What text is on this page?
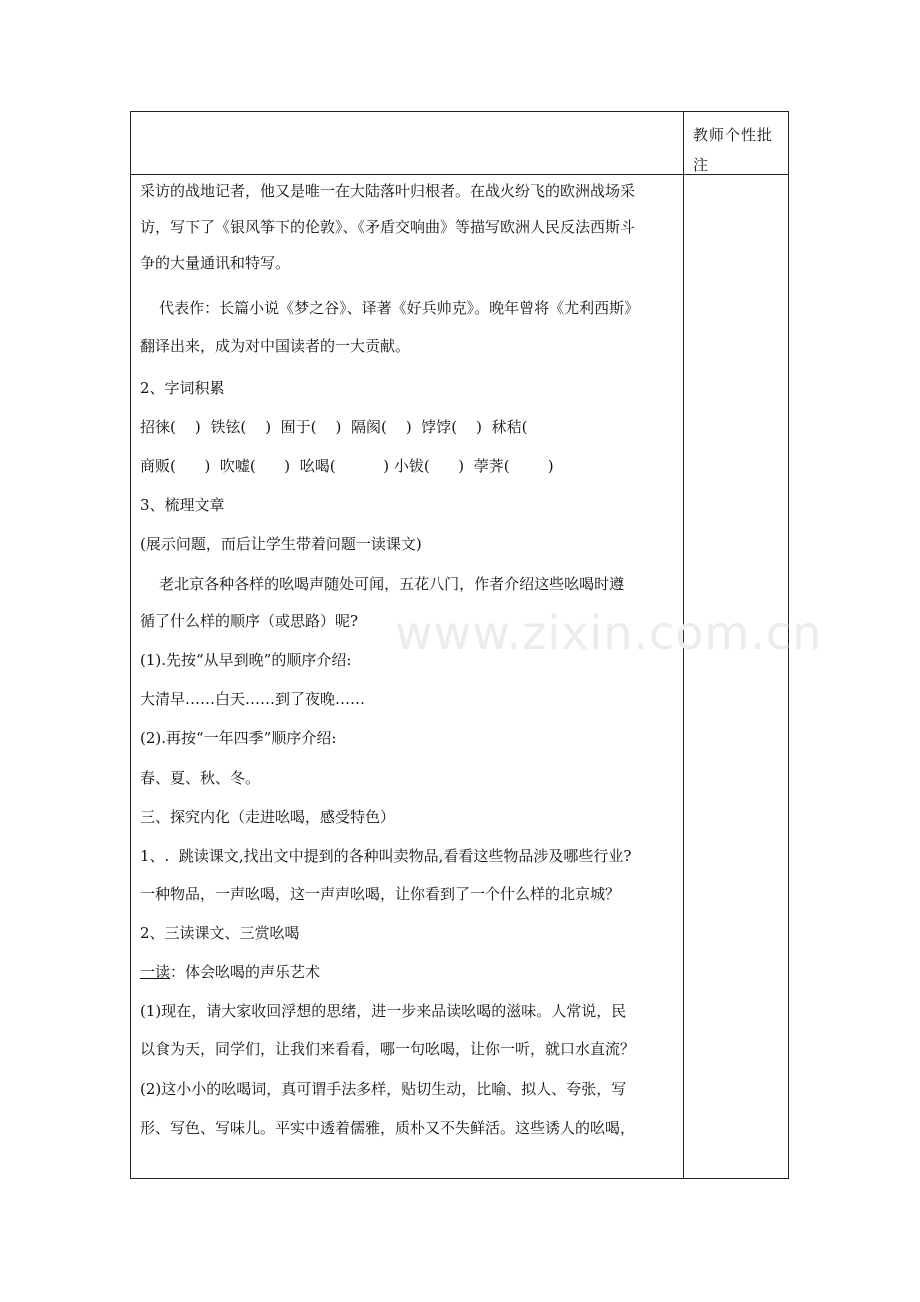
教师个性批注
采访的战地记者，他又是唯一在大陆落叶归根者。在战火纷飞的欧洲战场采
访，写下了《银风筝下的伦敦》、《矛盾交响曲》等描写欧洲人民反法西斯斗
争的大量通讯和特写。
代表作：长篇小说《梦之谷》、译著《好兵帅克》。晚年曾将《尤利西斯》
翻译出来，成为对中国读者的一大贡献。
2、字词积累
招徕(    )  铁铉(    )  囿于(    )  隔阂(    )  饽饽(    )  秫秸(
商贩(      )  吹嘘(      )  吆喝(          ) 小钹(      )  荸荠(        )
3、梳理文章
(展示问题，而后让学生带着问题一读课文)
老北京各种各样的吆喝声随处可闻，五花八门，作者介绍这些吆喝时遵
循了什么样的顺序（或思路）呢?
(1).先按“从早到晚”的顺序介绍:
大清早……白天……到了夜晚……
(2).再按“一年四季”顺序介绍:
春、夏、秋、冬。
三、探究内化（走进吆喝，感受特色）
1、.  跳读课文,找出文中提到的各种叫卖物品,看看这些物品涉及哪些行业?
一种物品，一声吆喝，这一声声吆喝，让你看到了一个什么样的北京城？
2、三读课文、三赏吆喝
一读：体会吆喝的声乐艺术
(1)现在，请大家收回浮想的思绪，进一步来品读吆喝的滋味。人常说，民
以食为天，同学们，让我们来看看，哪一句吆喝，让你一听，就口水直流？
(2)这小小的吆喝词，真可谓手法多样，贴切生动，比喻、拟人、夸张，写
形、写色、写味儿。平实中透着儒雅，质朴又不失鲜活。这些诱人的吆喝，
www.zixin.com.cn
